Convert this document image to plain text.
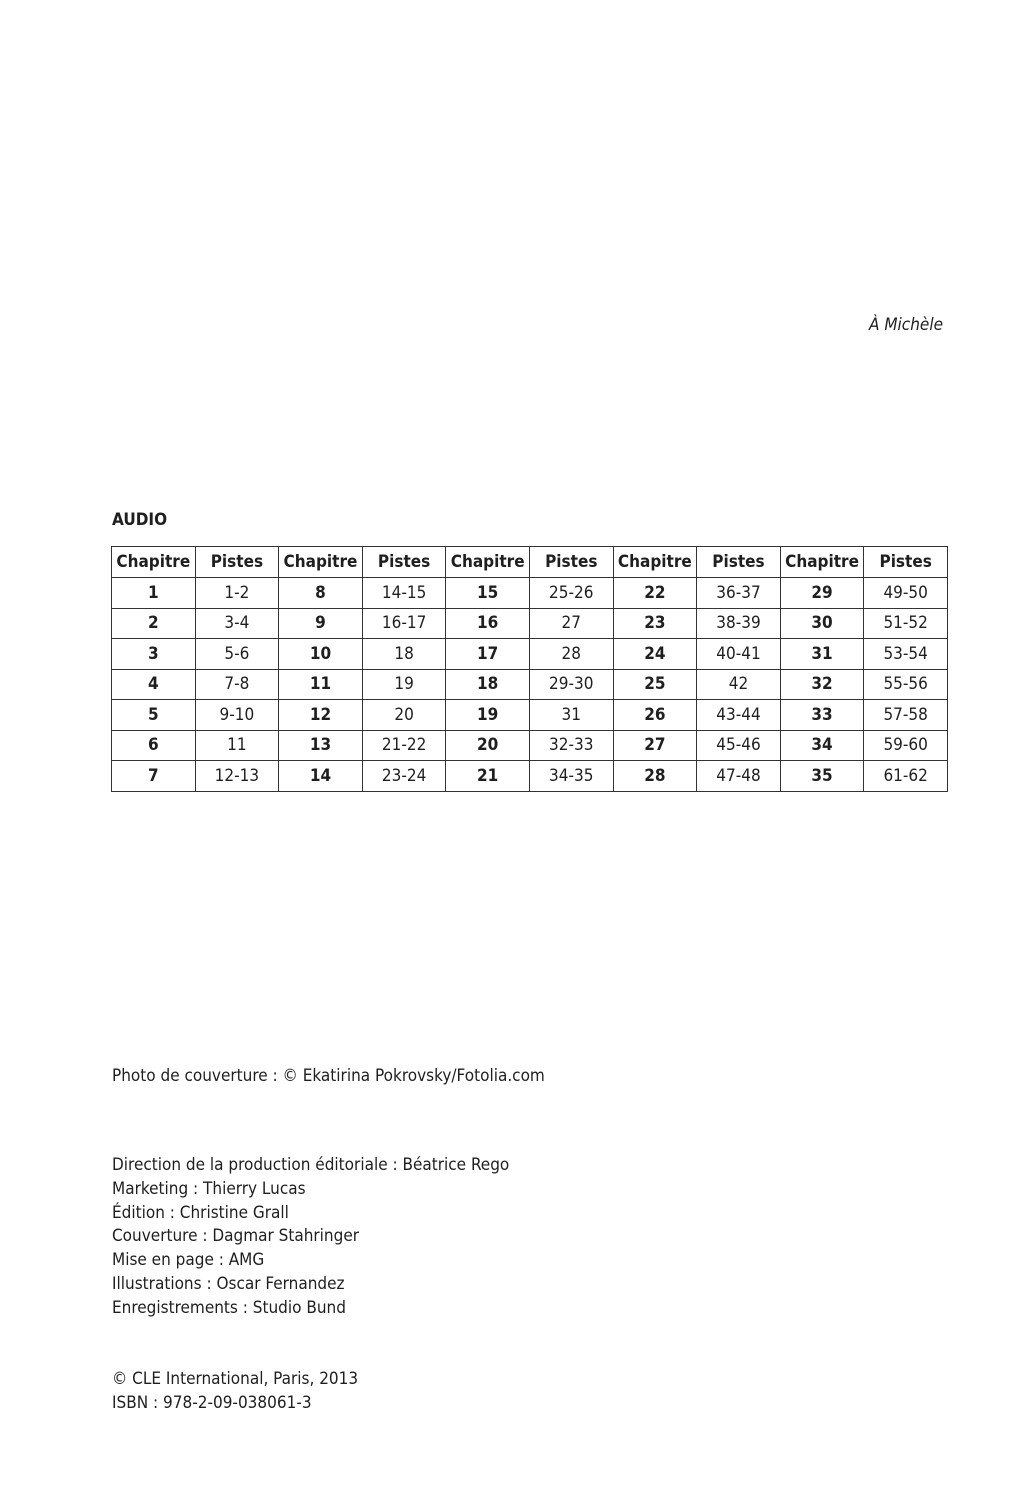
À Michèle

AUDIO

Chapitre	Pistes	Chapitre	Pistes	Chapitre	Pistes	Chapitre	Pistes	Chapitre	Pistes
1	1-2	8	14-15	15	25-26	22	36-37	29	49-50
2	3-4	9	16-17	16	27	23	38-39	30	51-52
3	5-6	10	18	17	28	24	40-41	31	53-54
4	7-8	11	19	18	29-30	25	42	32	55-56
5	9-10	12	20	19	31	26	43-44	33	57-58
6	11	13	21-22	20	32-33	27	45-46	34	59-60
7	12-13	14	23-24	21	34-35	28	47-48	35	61-62

Photo de couverture : © Ekatirina Pokrovsky/Fotolia.com

Direction de la production éditoriale : Béatrice Rego
Marketing : Thierry Lucas
Édition : Christine Grall
Couverture : Dagmar Stahringer
Mise en page : AMG
Illustrations : Oscar Fernandez
Enregistrements : Studio Bund
© CLE International, Paris, 2013
ISBN : 978-2-09-038061-3
